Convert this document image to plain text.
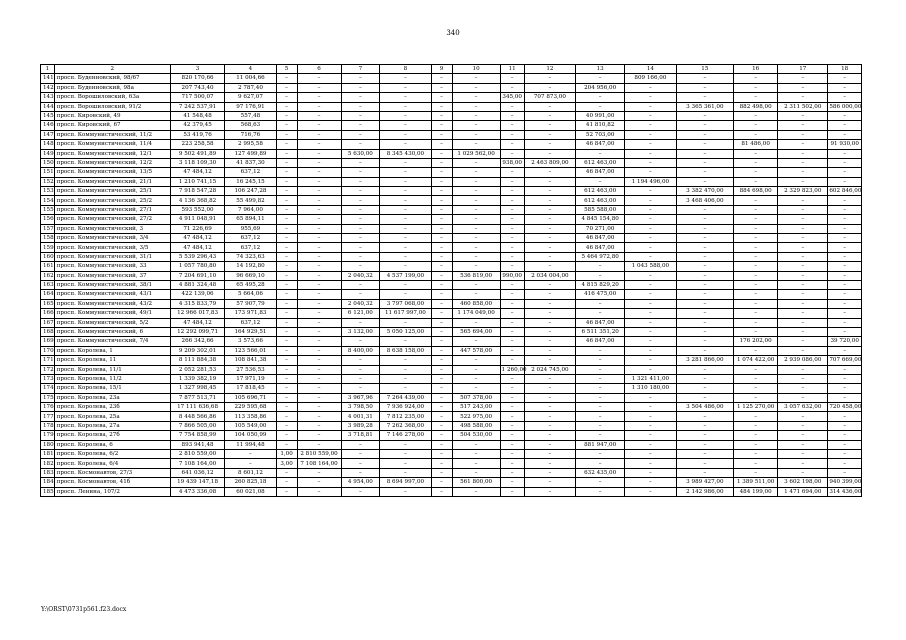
340
1	2	3	4	5	6	7	8	9	10	11	12	13	14	15	16	17	18
141.	просп. Буденновский, 98/67	820 170,66	11 004,66	–	–	–	–	–	–	–	–	–	809 166,00	–	–	–	–
142.	просп. Буденновский, 98а	207 743,40	2 787,40	–	–	–	–	–	–	–	–	204 956,00	–	–	–	–	–
143.	просп. Ворошиловский, 63а	717 500,07	9 627,07	–	–	–	–	–	–	345,00	707 873,00	–	–	–	–	–	–
144.	просп. Ворошиловский, 91/2	7 242 537,91	97 176,91	–	–	–	–	–	–	–	–	–	–	3 365 361,00	882 498,00	2 311 502,00	586 000,00
145.	просп. Кировский, 49	41 548,48	557,48	–	–	–	–	–	–	–	–	40 991,00	–	–	–	–	–
146.	просп. Кировский, 67	42 379,45	568,63	–	–	–	–	–	–	–	–	41 810,82	–	–	–	–	–
147.	просп. Коммунистический, 11/2	53 419,76	716,76	–	–	–	–	–	–	–	–	52 703,00	–	–	–	–	–
148.	просп. Коммунистический, 11/4	223 258,58	2 995,58	–	–	–	–	–	–	–	–	46 847,00	–	–	81 486,00	–	91 930,00
149.	просп. Коммунистический, 12/1	9 502 491,89	127 499,89	–	–	5 630,00	8 345 430,00	–	1 029 562,00	–	–	–	–	–	–	–	–
150.	просп. Коммунистический, 12/2	3 118 109,30	41 837,30	–	–	–	–	–	–	938,00	2 463 809,00	612 463,00	–	–	–	–	–
151.	просп. Коммунистический, 13/5	47 484,12	637,12	–	–	–	–	–	–	–	–	46 847,00	–	–	–	–	–
152.	просп. Коммунистический, 21/1	1 210 741,15	16 245,15	–	–	–	–	–	–	–	–	–	1 194 496,00	–	–	–	–
153.	просп. Коммунистический, 25/1	7 918 547,28	106 247,28	–	–	–	–	–	–	–	–	612 463,00	–	3 382 470,00	884 698,00	2 329 823,00	602 846,00
154.	просп. Коммунистический, 25/2	4 136 368,82	55 499,82	–	–	–	–	–	–	–	–	612 463,00	–	3 468 406,00	–	–	–
155.	просп. Коммунистический, 27/1	593 552,00	7 964,00	–	–	–	–	–	–	–	–	585 588,00	–	–	–	–	–
156.	просп. Коммунистический, 27/2	4 911 048,91	65 894,11	–	–	–	–	–	–	–	–	4 845 154,80	–	–	–	–	–
157.	просп. Коммунистический, 3	71 226,69	955,69	–	–	–	–	–	–	–	–	70 271,00	–	–	–	–	–
158.	просп. Коммунистический, 3/4	47 484,12	637,12	–	–	–	–	–	–	–	–	46 847,00	–	–	–	–	–
159.	просп. Коммунистический, 3/5	47 484,12	637,12	–	–	–	–	–	–	–	–	46 847,00	–	–	–	–	–
160.	просп. Коммунистический, 31/1	5 539 296,43	74 323,63	–	–	–	–	–	–	–	–	5 464 972,80	–	–	–	–	–
161.	просп. Коммунистический, 33	1 057 780,80	14 192,80	–	–	–	–	–	–	–	–	–	1 043 588,00	–	–	–	–
162.	просп. Коммунистический, 37	7 204 691,10	96 669,10	–	–	2 040,32	4 537 199,00	–	536 819,00	990,00	2 034 004,00	–	–	–	–	–	–
163.	просп. Коммунистический, 38/1	4 881 324,48	65 495,28	–	–	–	–	–	–	–	–	4 815 829,20	–	–	–	–	–
164.	просп. Коммунистический, 43/1	422 139,06	5 664,06	–	–	–	–	–	–	–	–	416 475,00	–	–	–	–	–
165.	просп. Коммунистический, 43/2	4 315 833,79	57 907,79	–	–	2 040,32	3 797 068,00	–	460 858,00	–	–	–	–	–	–	–	–
166.	просп. Коммунистический, 49/1	12 966 017,83	173 971,83	–	–	6 121,00	11 617 997,00	–	1 174 049,00	–	–	–	–	–	–	–	–
167.	просп. Коммунистический, 5/2	47 484,12	637,12	–	–	–	–	–	–	–	–	46 847,00	–	–	–	–	–
168.	просп. Коммунистический, 6	12 292 099,71	164 929,51	–	–	3 132,00	5 050 125,00	–	565 694,00	–	–	6 511 351,20	–	–	–	–	–
169.	просп. Коммунистический, 7/4	266 342,66	3 573,66	–	–	–	–	–	–	–	–	46 847,00	–	–	176 202,00	–	39 720,00
170.	просп. Королева, 1	9 209 302,01	123 566,01	–	–	8 400,00	8 638 158,00	–	447 578,00	–	–	–	–	–	–	–	–
171.	просп. Королева, 11	8 111 884,38	108 841,38	–	–	–	–	–	–	–	–	–	–	3 281 866,00	1 074 422,00	2 939 086,00	707 669,00
172.	просп. Королева, 11/1	2 052 281,53	27 536,53	–	–	–	–	–	–	1 260,00	2 024 745,00	–	–	–	–	–	–
173.	просп. Королева, 11/2	1 339 382,19	17 971,19	–	–	–	–	–	–	–	–	–	1 321 411,00	–	–	–	–
174.	просп. Королева, 15/1	1 327 998,45	17 818,45	–	–	–	–	–	–	–	–	–	1 310 180,00	–	–	–	–
175.	просп. Королева, 23а	7 877 513,71	105 696,71	–	–	3 967,96	7 264 439,00	–	507 378,00	–	–	–	–	–	–	–	–
176.	просп. Королева, 23б	17 111 636,68	229 595,68	–	–	3 798,50	7 936 924,00	–	517 243,00	–	–	–	–	3 504 486,00	1 125 270,00	3 057 632,00	720 458,00
177.	просп. Королева, 25а	8 448 566,86	113 358,86	–	–	4 001,31	7 812 235,00	–	522 975,00	–	–	–	–	–	–	–	–
178.	просп. Королева, 27а	7 866 505,00	105 549,00	–	–	3 989,28	7 262 368,00	–	498 588,00	–	–	–	–	–	–	–	–
179.	просп. Королева, 27б	7 754 858,99	104 050,99	–	–	3 718,81	7 146 278,00	–	504 530,00	–	–	–	–	–	–	–	–
180.	просп. Королева, 6	893 941,48	11 994,48	–	–	–	–	–	–	–	–	881 947,00	–	–	–	–	–
181.	просп. Королева, 6/2	2 810 559,00	–	1,00	2 810 559,00	–	–	–	–	–	–	–	–	–	–	–	–
182.	просп. Королева, 6/4	7 108 164,00	–	3,00	7 108 164,00	–	–	–	–	–	–	–	–	–	–	–	–
183.	просп. Космонавтов, 27/3	641 036,12	8 601,12	–	–	–	–	–	–	–	–	632 435,00	–	–	–	–	–
184.	просп. Космонавтов, 41б	19 439 147,18	260 825,18	–	–	4 954,00	8 694 997,00	–	561 800,00	–	–	–	–	3 989 427,00	1 389 511,00	3 602 198,00	940 399,00
185.	просп. Ленина, 107/2	4 473 336,08	60 021,08	–	–	–	–	–	–	–	–	–	–	2 142 986,00	484 199,00	1 471 694,00	314 436,00
Y:\ORST\0731p561.f23.docx
